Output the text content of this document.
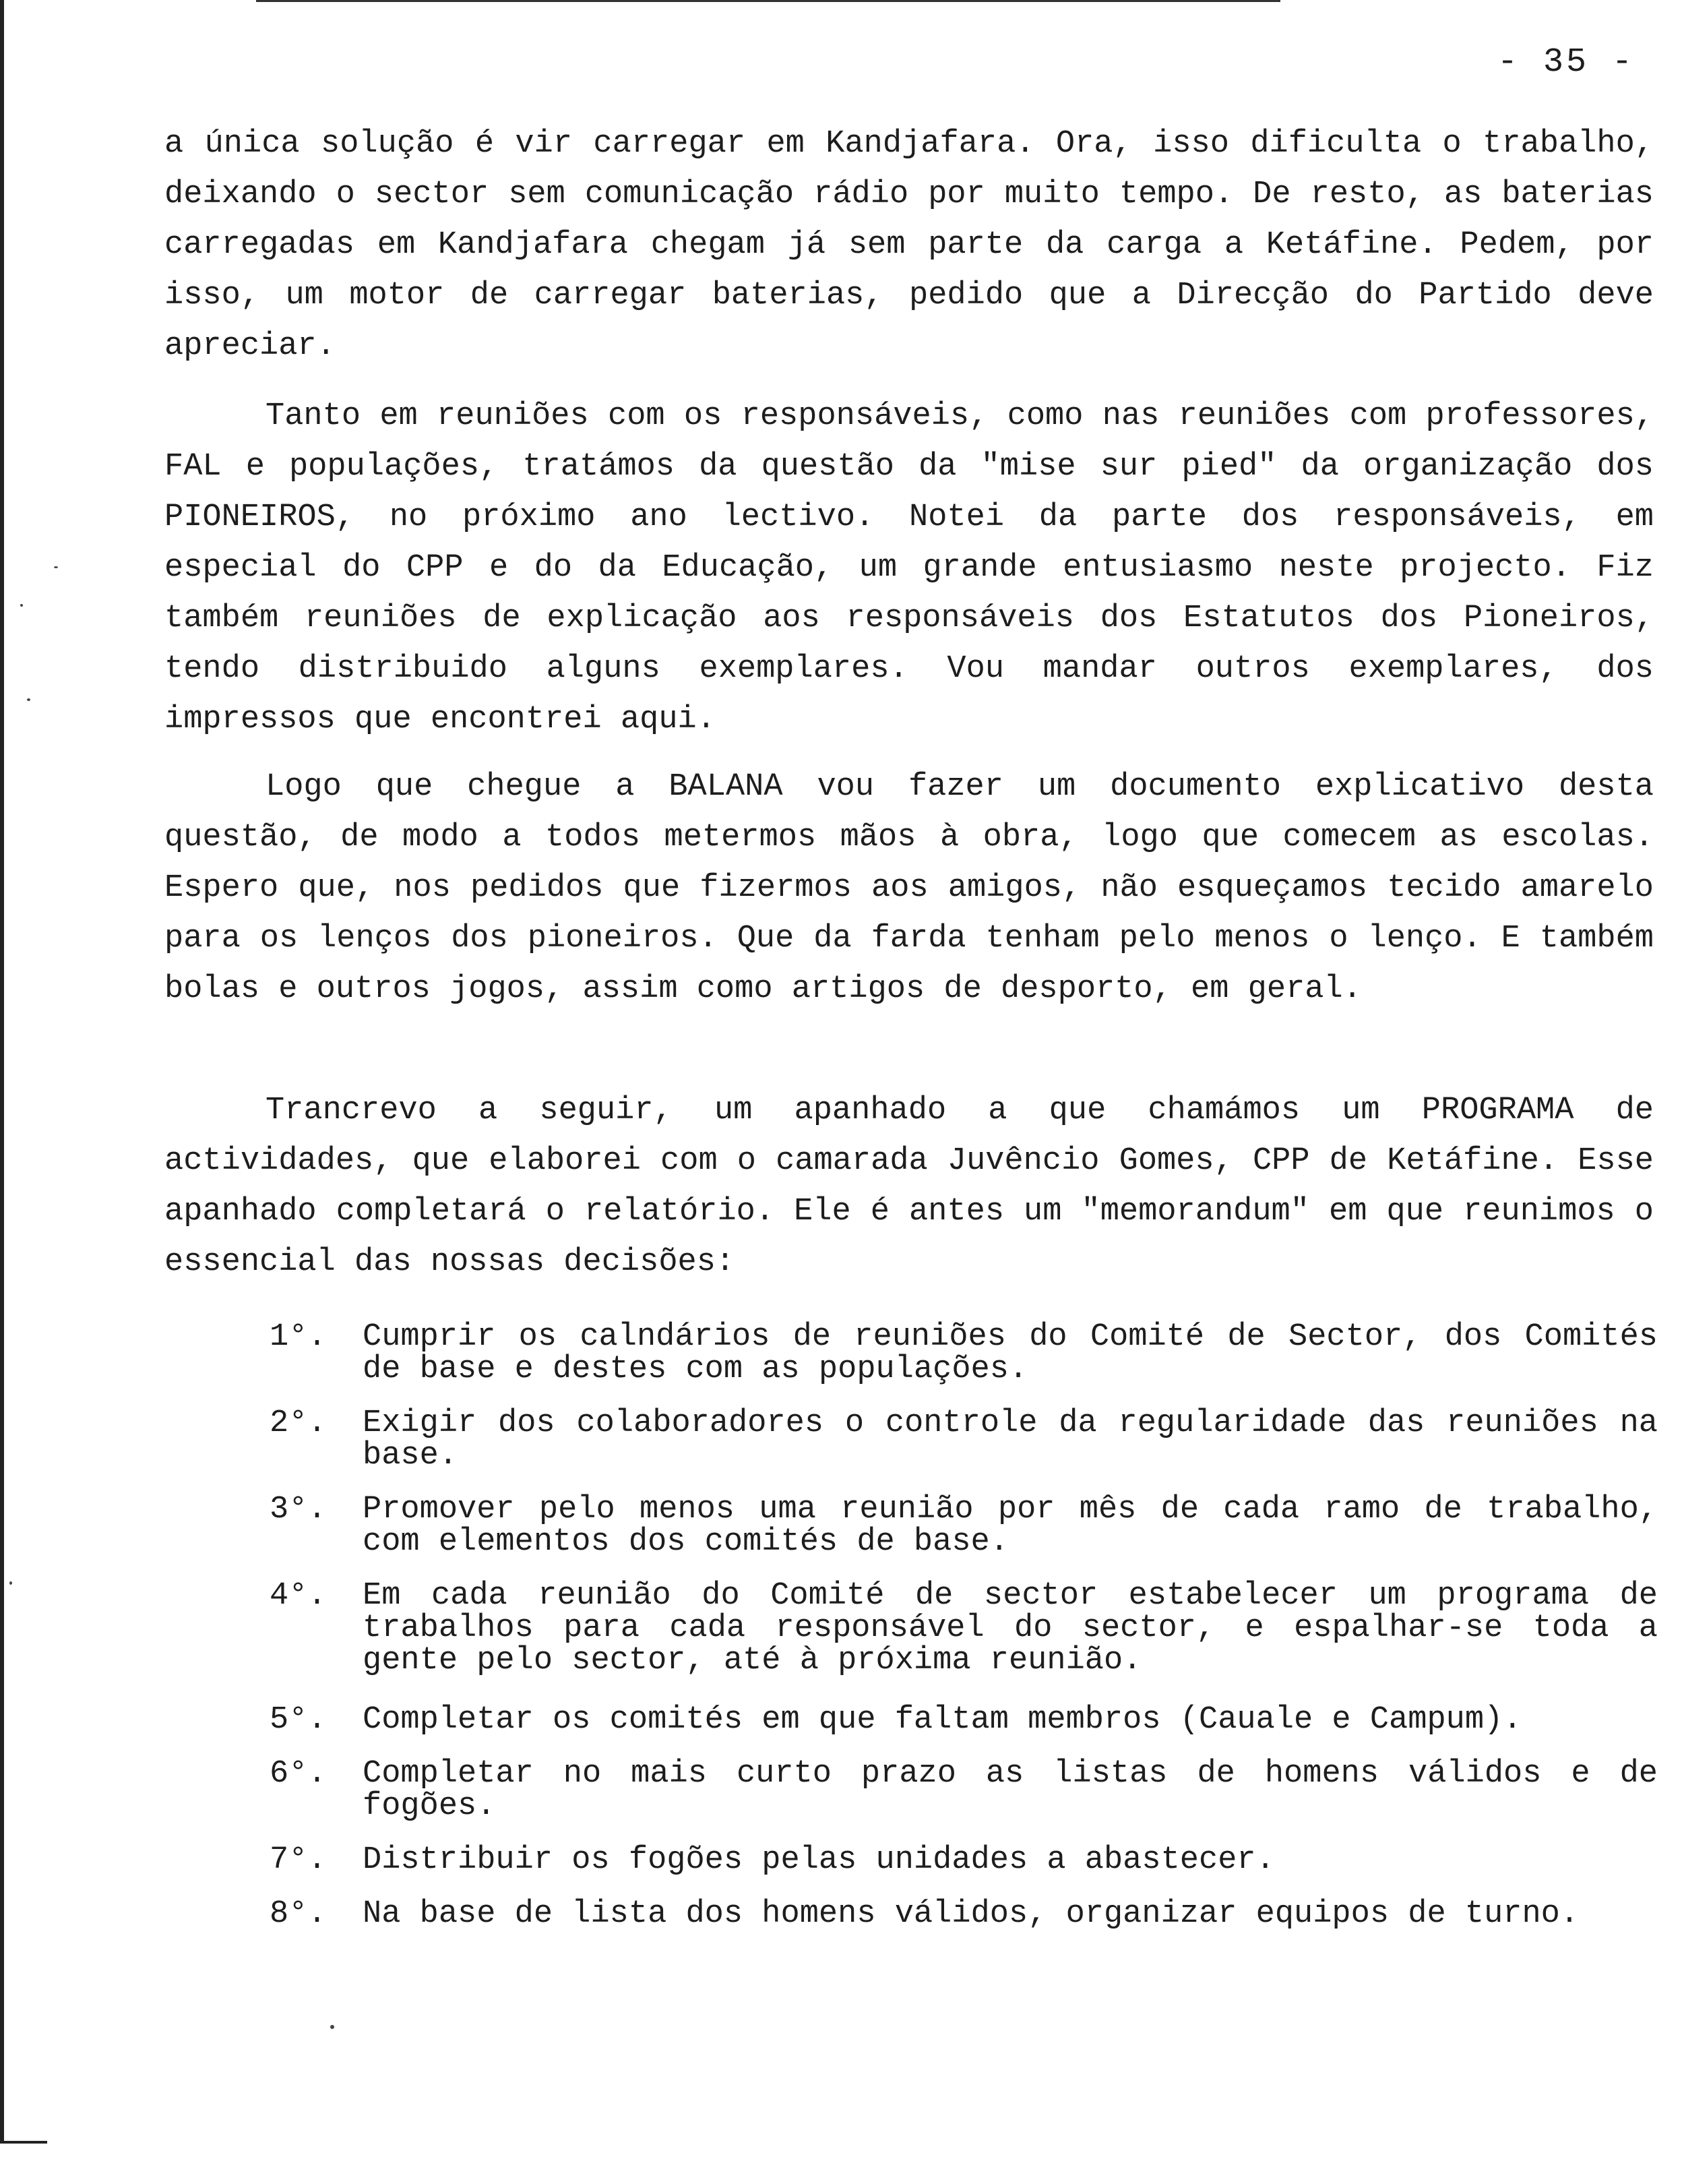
- 35 -

a única solução é vir carregar em Kandjafara. Ora, isso dificulta o trabalho, deixando o sector sem comunicação rádio por muito tempo. De resto, as baterias carregadas em Kandjafara chegam já sem parte da carga a Ketáfine. Pedem, por isso, um motor de carregar baterias, pedido que a Direcção do Partido deve apreciar.

Tanto em reuniões com os responsáveis, como nas reuniões com professores, FAL e populações, tratámos da questão da "mise sur pied" da organização dos PIONEIROS, no próximo ano lectivo. Notei da parte dos responsáveis, em especial do CPP e do da Educação, um grande entusiasmo neste projecto. Fiz também reuniões de explicação aos responsáveis dos Estatutos dos Pioneiros, tendo distribuido alguns exemplares. Vou mandar outros exemplares, dos impressos que encontrei aqui.

Logo que chegue a BALANA vou fazer um documento explicativo desta questão, de modo a todos metermos mãos à obra, logo que comecem as escolas. Espero que, nos pedidos que fizermos aos amigos, não esqueçamos tecido amarelo para os lenços dos pioneiros. Que da farda tenham pelo menos o lenço. E também bolas e outros jogos, assim como artigos de desporto, em geral.

Trancrevo a seguir, um apanhado a que chamámos um PROGRAMA de actividades, que elaborei com o camarada Juvêncio Gomes, CPP de Ketáfine. Esse apanhado completará o relatório. Ele é antes um "memorandum" em que reunimos o essencial das nossas decisões:

1°.	Cumprir os calndários de reuniões do Comité de Sector, dos Comités de base e destes com as populações.
2°.	Exigir dos colaboradores o controle da regularidade das reuniões na base.
3°.	Promover pelo menos uma reunião por mês de cada ramo de trabalho, com elementos dos comités de base.
4°.	Em cada reunião do Comité de sector estabelecer um programa de trabalhos para cada responsável do sector, e espalhar-se toda a gente pelo sector, até à próxima reunião.
5°.	Completar os comités em que faltam membros (Cauale e Campum).
6°.	Completar no mais curto prazo as listas de homens válidos e de fogões.
7°.	Distribuir os fogões pelas unidades a abastecer.
8°.	Na base de lista dos homens válidos, organizar equipos de turno.
